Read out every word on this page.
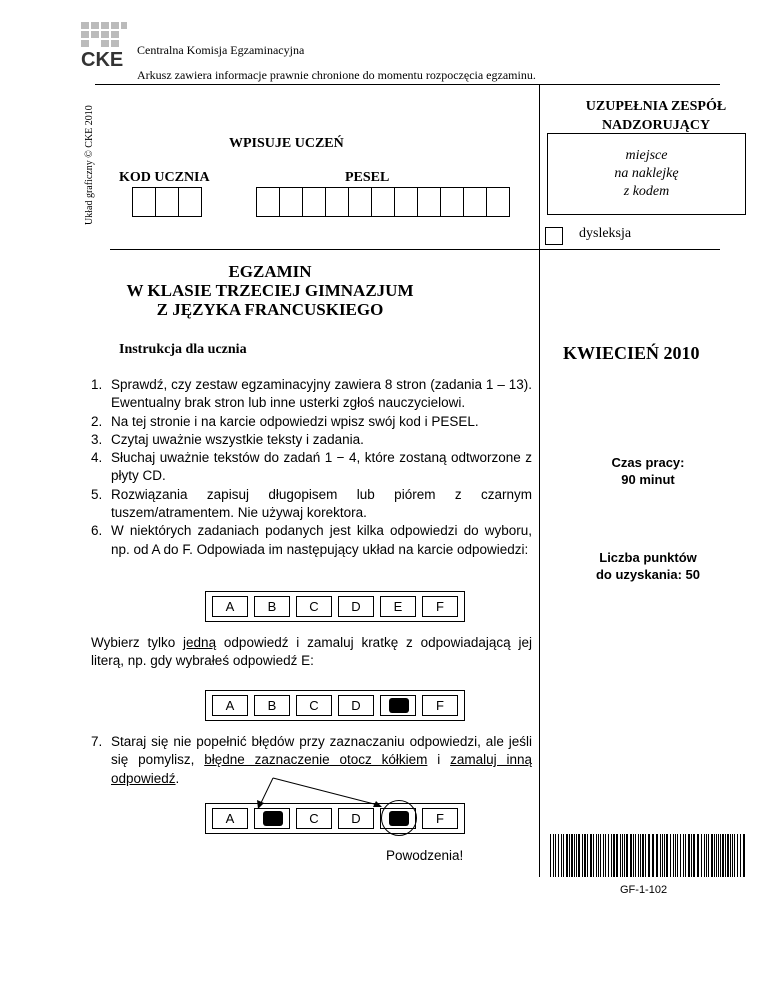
CKE Centralna Komisja Egzaminacyjna
Arkusz zawiera informacje prawnie chronione do momentu rozpoczęcia egzaminu.
Układ graficzny © CKE 2010	UZUPEŁNIA ZESPÓŁ
NADZORUJĄCY
miejsce
na naklejkę
z kodem
dysleksja
WPISUJE UCZEŃ
KOD UCZNIA	PESEL
EGZAMIN
W KLASIE TRZECIEJ GIMNAZJUM
Z JĘZYKA FRANCUSKIEGO
Instrukcja dla ucznia	KWIECIEŃ 2010
1. Sprawdź, czy zestaw egzaminacyjny zawiera 8 stron (zadania 1 – 13). Ewentualny brak stron lub inne usterki zgłoś nauczycielowi.
2. Na tej stronie i na karcie odpowiedzi wpisz swój kod i PESEL.
3. Czytaj uważnie wszystkie teksty i zadania.
4. Słuchaj uważnie tekstów do zadań 1 − 4, które zostaną odtworzone z płyty CD.
5. Rozwiązania zapisuj długopisem lub piórem z czarnym tuszem/atramentem. Nie używaj korektora.
6. W niektórych zadaniach podanych jest kilka odpowiedzi do wyboru, np. od A do F. Odpowiada im następujący układ na karcie odpowiedzi:
Czas pracy:
90 minut
Liczba punktów
do uzyskania: 50
A	B	C	D	E	F
Wybierz tylko jedną odpowiedź i zamaluj kratkę z odpowiadającą jej literą, np. gdy wybrałeś odpowiedź E:
A	B	C	D	F
7. Staraj się nie popełnić błędów przy zaznaczaniu odpowiedzi, ale jeśli się pomylisz, błędne zaznaczenie otocz kółkiem i zamaluj inną odpowiedź.
A	C	D	F
Powodzenia!
GF-1-102
